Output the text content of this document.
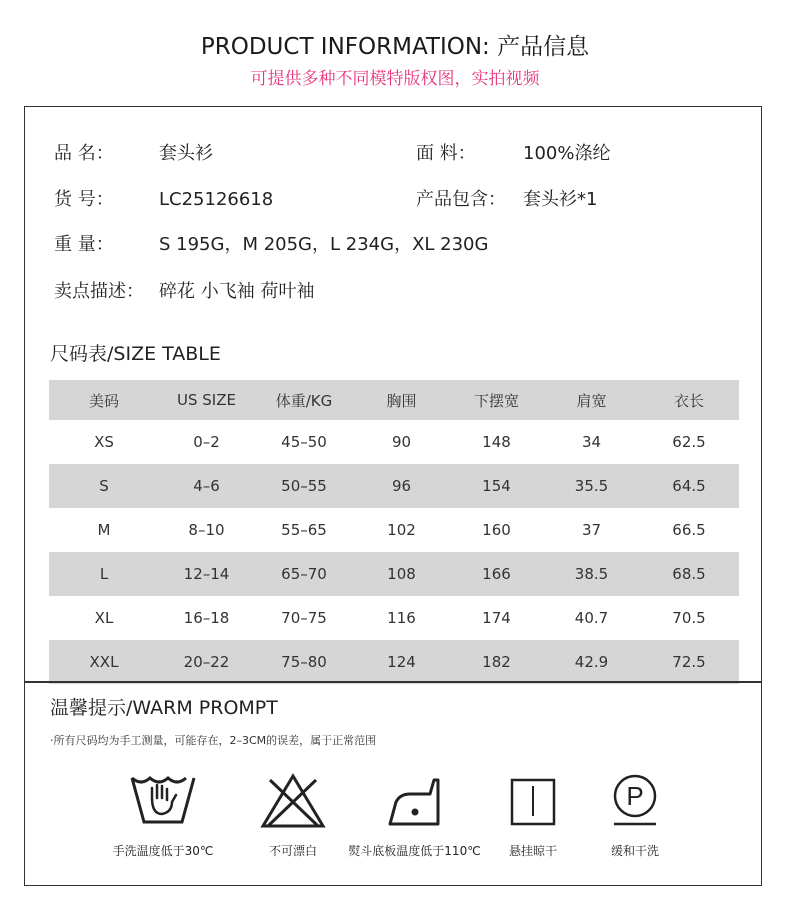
PRODUCT INFORMATION: 产品信息
可提供多种不同模特版权图，实拍视频
品 名：	套头衫	面 料：	100%涤纶
货 号：	LC25126618	产品包含： 套头衫*1
重 量：	S 195G，M 205G，L 234G，XL 230G
卖点描述： 碎花 小飞袖 荷叶袖
尺码表/SIZE TABLE
美码	US SIZE	体重/KG	胸围	下摆宽	肩宽	衣长
XS	0–2	45–50	90	148	34	62.5
S	4–6	50–55	96	154	35.5	64.5
M	8–10	55–65	102	160	37	66.5
L	12–14	65–70	108	166	38.5	68.5
XL	16–18	70–75	116	174	40.7	70.5
XXL	20–22	75–80	124	182	42.9	72.5
温馨提示/WARM PROMPT
·所有尺码均为手工测量，可能存在，2–3CM的误差，属于正常范围
P
手洗温度低于30℃	不可漂白	熨斗底板温度低于110℃	悬挂晾干	缓和干洗
